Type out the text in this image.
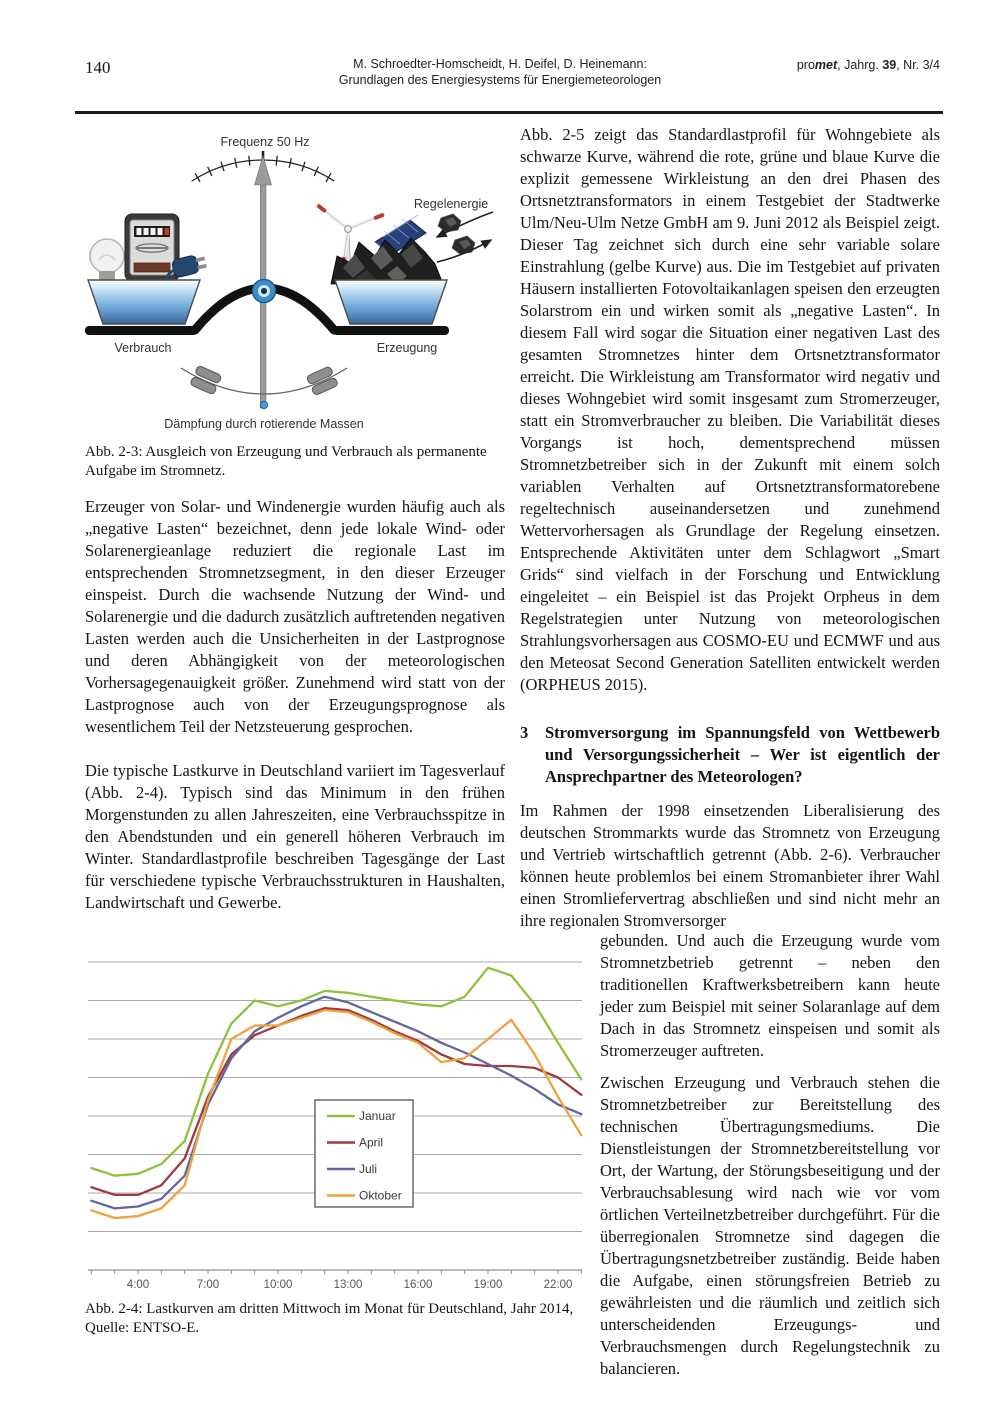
140	M. Schroedter-Homscheidt, H. Deifel, D. Heinemann:
Grundlagen des Energiesystems für Energiemeteorologen
promet, Jahrg. 39, Nr. 3/4
Frequenz 50 Hz
Regelenergie
Verbrauch	Erzeugung
Dämpfung durch rotierende Massen
Abb. 2-3: Ausgleich von Erzeugung und Verbrauch als permanente Aufgabe im Stromnetz.
Erzeuger von Solar- und Windenergie wurden häufig auch als „negative Lasten“ bezeichnet, denn jede lokale Wind- oder Solarenergieanlage reduziert die regionale Last im entsprechenden Stromnetzsegment, in den dieser Erzeuger einspeist. Durch die wachsende Nutzung der Wind- und Solarenergie und die dadurch zusätzlich auftretenden negativen Lasten werden auch die Unsicherheiten in der Lastprognose und deren Abhängigkeit von der meteorologischen Vorhersagegenauigkeit größer. Zunehmend wird statt von der Lastprognose auch von der Erzeugungsprognose als wesentlichem Teil der Netzsteuerung gesprochen.
Die typische Lastkurve in Deutschland variiert im Tagesverlauf (Abb. 2-4). Typisch sind das Minimum in den frühen Morgenstunden zu allen Jahreszeiten, eine Verbrauchsspitze in den Abendstunden und ein generell höheren Verbrauch im Winter. Standardlastprofile beschreiben Tagesgänge der Last für verschiedene typische Verbrauchsstrukturen in Haushalten, Landwirtschaft und Gewerbe.
4:00	7:00	10:00	13:00	16:00	19:00	22:00
Januar
April
Juli
Oktober
Abb. 2-4: Lastkurven am dritten Mittwoch im Monat für Deutschland, Jahr 2014, Quelle: ENTSO-E.
Abb. 2-5 zeigt das Standardlastprofil für Wohngebiete als schwarze Kurve, während die rote, grüne und blaue Kurve die explizit gemessene Wirkleistung an den drei Phasen des Ortsnetztransformators in einem Testgebiet der Stadtwerke Ulm/Neu-Ulm Netze GmbH am 9. Juni 2012 als Beispiel zeigt. Dieser Tag zeichnet sich durch eine sehr variable solare Einstrahlung (gelbe Kurve) aus. Die im Testgebiet auf privaten Häusern installierten Fotovoltaikanlagen speisen den erzeugten Solarstrom ein und wirken somit als „negative Lasten“. In diesem Fall wird sogar die Situation einer negativen Last des gesamten Stromnetzes hinter dem Ortsnetztransformator erreicht. Die Wirkleistung am Transformator wird negativ und dieses Wohngebiet wird somit insgesamt zum Stromerzeuger, statt ein Stromverbraucher zu bleiben. Die Variabilität dieses Vorgangs ist hoch, dementsprechend müssen Stromnetzbetreiber sich in der Zukunft mit einem solch variablen Verhalten auf Ortsnetztransformatorebene regeltechnisch auseinandersetzen und zunehmend Wettervorhersagen als Grundlage der Regelung einsetzen. Entsprechende Aktivitäten unter dem Schlagwort „Smart Grids“ sind vielfach in der Forschung und Entwicklung eingeleitet – ein Beispiel ist das Projekt Orpheus in dem Regelstrategien unter Nutzung von meteorologischen Strahlungsvorhersagen aus COSMO-EU und ECMWF und aus den Meteosat Second Generation Satelliten entwickelt werden (ORPHEUS 2015).
3	Stromversorgung im Spannungsfeld von Wettbewerb und Versorgungssicherheit – Wer ist eigentlich der Ansprechpartner des Meteorologen?
Im Rahmen der 1998 einsetzenden Liberalisierung des deutschen Strommarkts wurde das Stromnetz von Erzeugung und Vertrieb wirtschaftlich getrennt (Abb. 2-6). Verbraucher können heute problemlos bei einem Stromanbieter ihrer Wahl einen Stromliefervertrag abschließen und sind nicht mehr an ihre regionalen Stromversorger
gebunden. Und auch die Erzeugung wurde vom Stromnetzbetrieb getrennt – neben den traditionellen Kraftwerksbetreibern kann heute jeder zum Beispiel mit seiner Solaranlage auf dem Dach in das Stromnetz einspeisen und somit als Stromerzeuger auftreten.
Zwischen Erzeugung und Verbrauch stehen die Stromnetzbetreiber zur Bereitstellung des technischen Übertragungsmediums. Die Dienstleistungen der Stromnetzbereitstellung vor Ort, der Wartung, der Störungsbeseitigung und der Verbrauchsablesung wird nach wie vor vom örtlichen Verteilnetzbetreiber durchgeführt. Für die überregionalen Stromnetze sind dagegen die Übertragungsnetzbetreiber zuständig. Beide haben die Aufgabe, einen störungsfreien Betrieb zu gewährleisten und die räumlich und zeitlich sich unterscheidenden Erzeugungs- und Verbrauchsmengen durch Regelungstechnik zu balancieren.
